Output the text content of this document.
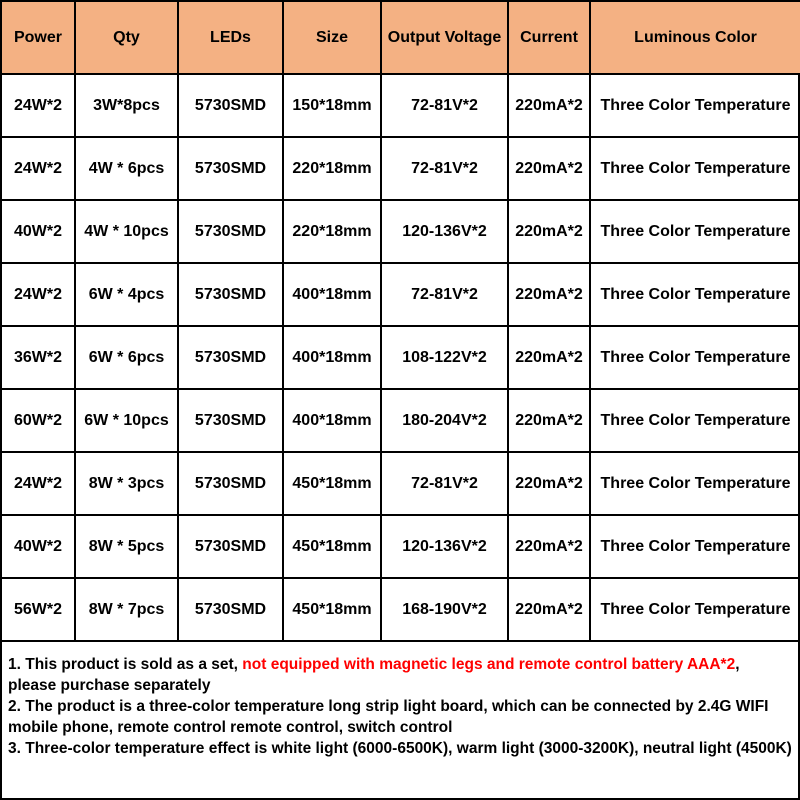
Power	Qty	LEDs	Size	Output Voltage	Current	Luminous Color
24W*2	3W*8pcs	5730SMD	150*18mm	72-81V*2	220mA*2	Three Color Temperature
24W*2	4W * 6pcs	5730SMD	220*18mm	72-81V*2	220mA*2	Three Color Temperature
40W*2	4W * 10pcs	5730SMD	220*18mm	120-136V*2	220mA*2	Three Color Temperature
24W*2	6W * 4pcs	5730SMD	400*18mm	72-81V*2	220mA*2	Three Color Temperature
36W*2	6W * 6pcs	5730SMD	400*18mm	108-122V*2	220mA*2	Three Color Temperature
60W*2	6W * 10pcs	5730SMD	400*18mm	180-204V*2	220mA*2	Three Color Temperature
24W*2	8W * 3pcs	5730SMD	450*18mm	72-81V*2	220mA*2	Three Color Temperature
40W*2	8W * 5pcs	5730SMD	450*18mm	120-136V*2	220mA*2	Three Color Temperature
56W*2	8W * 7pcs	5730SMD	450*18mm	168-190V*2	220mA*2	Three Color Temperature

1. This product is sold as a set, not equipped with magnetic legs and remote control battery AAA*2, please purchase separately

2. The product is a three-color temperature long strip light board, which can be connected by 2.4G WIFI mobile phone, remote control remote control, switch control

3. Three-color temperature effect is white light (6000-6500K), warm light (3000-3200K), neutral light (4500K)
